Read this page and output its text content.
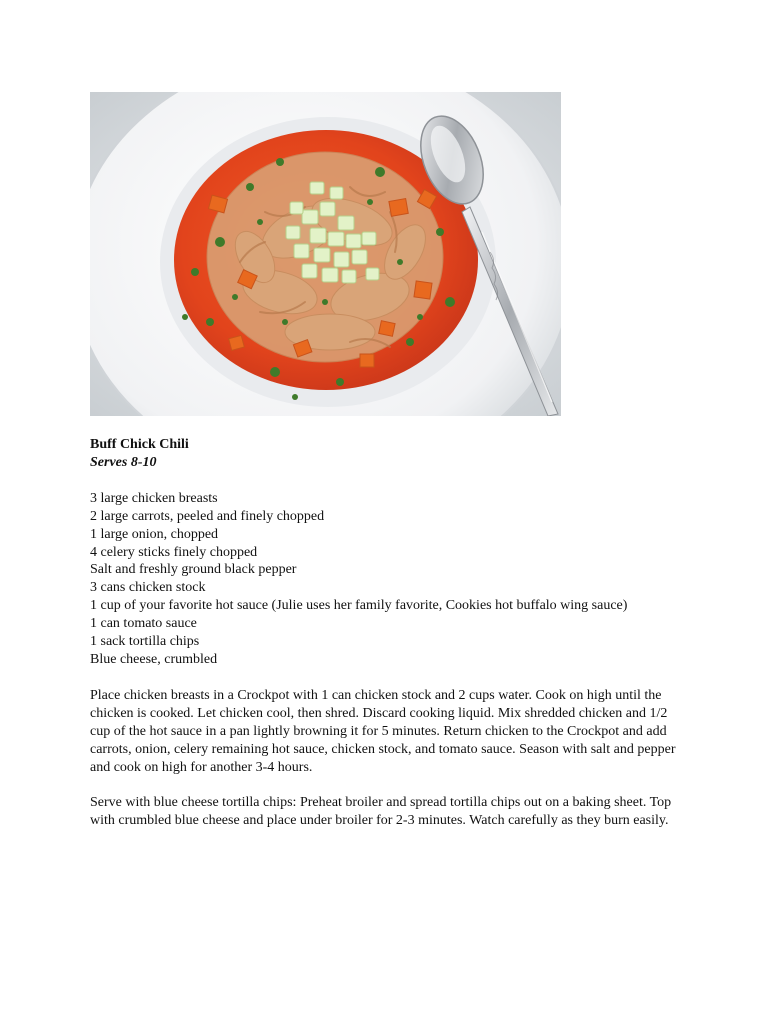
Buff Chick Chili

Serves 8-10

3 large chicken breasts
2 large carrots, peeled and finely chopped
1 large onion, chopped
4 celery sticks finely chopped
Salt and freshly ground black pepper
3 cans chicken stock
1 cup of your favorite hot sauce (Julie uses her family favorite, Cookies hot buffalo wing sauce)
1 can tomato sauce
1 sack tortilla chips
Blue cheese, crumbled

Place chicken breasts in a Crockpot with 1 can chicken stock and 2 cups water. Cook on high until the chicken is cooked. Let chicken cool, then shred. Discard cooking liquid. Mix shredded chicken and 1/2 cup of the hot sauce in a pan lightly browning it for 5 minutes. Return chicken to the Crockpot and add carrots, onion, celery remaining hot sauce, chicken stock, and tomato sauce. Season with salt and pepper and cook on high for another 3-4 hours.

Serve with blue cheese tortilla chips: Preheat broiler and spread tortilla chips out on a baking sheet. Top with crumbled blue cheese and place under broiler for 2-3 minutes. Watch carefully as they burn easily.
